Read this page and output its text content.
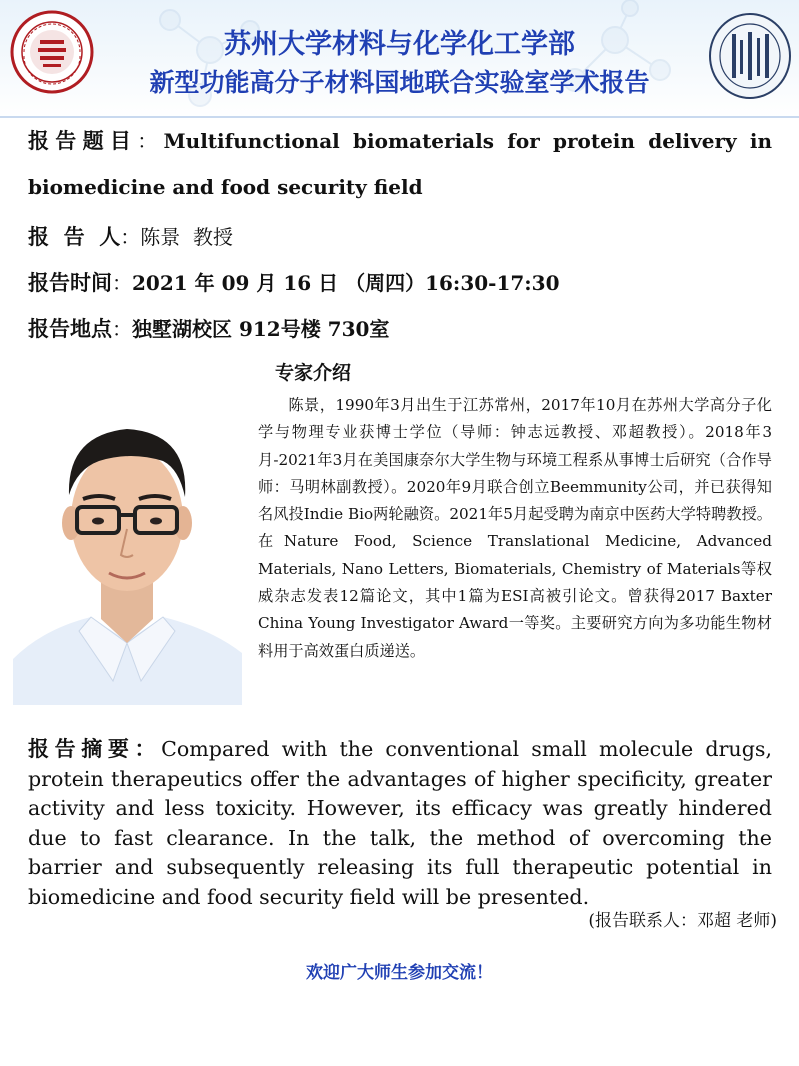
苏州大学材料与化学化工学部
新型功能高分子材料国地联合实验室学术报告
报告题目：Multifunctional biomaterials for protein delivery in biomedicine and food security field
报  告  人：陈景  教授
报告时间：2021 年 09 月 16 日 （周四）16:30-17:30
报告地点：独墅湖校区 912号楼 730室
专家介绍
陈景，1990年3月出生于江苏常州，2017年10月在苏州大学高分子化学与物理专业获博士学位（导师：钟志远教授、邓超教授）。2018年3月-2021年3月在美国康奈尔大学生物与环境工程系从事博士后研究（合作导师：马明林副教授）。2020年9月联合创立Beemmunity公司，并已获得知名风投Indie Bio两轮融资。2021年5月起受聘为南京中医药大学特聘教授。在Nature Food, Science Translational Medicine, Advanced Materials, Nano Letters, Biomaterials, Chemistry of Materials等权威杂志发表12篇论文，其中1篇为ESI高被引论文。曾获得2017 Baxter China Young Investigator Award一等奖。主要研究方向为多功能生物材料用于高效蛋白质递送。
报告摘要：Compared with the conventional small molecule drugs, protein therapeutics offer the advantages of higher specificity, greater activity and less toxicity. However, its efficacy was greatly hindered due to fast clearance. In the talk, the method of overcoming the barrier and subsequently releasing its full therapeutic potential in biomedicine and food security field will be presented.
(报告联系人：邓超 老师)
欢迎广大师生参加交流！
